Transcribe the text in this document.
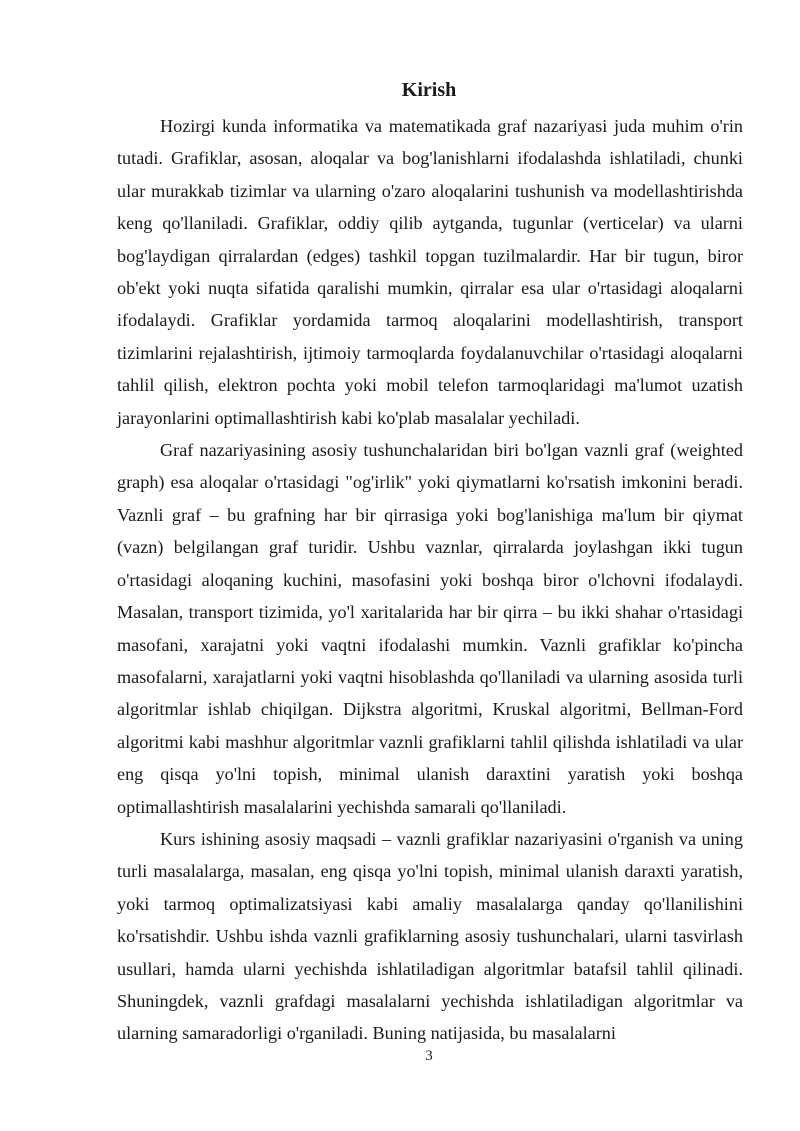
Kirish

Hozirgi kunda informatika va matematikada graf nazariyasi juda muhim o'rin tutadi. Grafiklar, asosan, aloqalar va bog'lanishlarni ifodalashda ishlatiladi, chunki ular murakkab tizimlar va ularning o'zaro aloqalarini tushunish va modellashtirishda keng qo'llaniladi. Grafiklar, oddiy qilib aytganda, tugunlar (verticelar) va ularni bog'laydigan qirralardan (edges) tashkil topgan tuzilmalardir. Har bir tugun, biror ob'ekt yoki nuqta sifatida qaralishi mumkin, qirralar esa ular o'rtasidagi aloqalarni ifodalaydi. Grafiklar yordamida tarmoq aloqalarini modellashtirish, transport tizimlarini rejalashtirish, ijtimoiy tarmoqlarda foydalanuvchilar o'rtasidagi aloqalarni tahlil qilish, elektron pochta yoki mobil telefon tarmoqlaridagi ma'lumot uzatish jarayonlarini optimallashtirish kabi ko'plab masalalar yechiladi.

Graf nazariyasining asosiy tushunchalaridan biri bo'lgan vaznli graf (weighted graph) esa aloqalar o'rtasidagi "og'irlik" yoki qiymatlarni ko'rsatish imkonini beradi. Vaznli graf – bu grafning har bir qirrasiga yoki bog'lanishiga ma'lum bir qiymat (vazn) belgilangan graf turidir. Ushbu vaznlar, qirralarda joylashgan ikki tugun o'rtasidagi aloqaning kuchini, masofasini yoki boshqa biror o'lchovni ifodalaydi. Masalan, transport tizimida, yo'l xaritalarida har bir qirra – bu ikki shahar o'rtasidagi masofani, xarajatni yoki vaqtni ifodalashi mumkin. Vaznli grafiklar ko'pincha masofalarni, xarajatlarni yoki vaqtni hisoblashda qo'llaniladi va ularning asosida turli algoritmlar ishlab chiqilgan. Dijkstra algoritmi, Kruskal algoritmi, Bellman-Ford algoritmi kabi mashhur algoritmlar vaznli grafiklarni tahlil qilishda ishlatiladi va ular eng qisqa yo'lni topish, minimal ulanish daraxtini yaratish yoki boshqa optimallashtirish masalalarini yechishda samarali qo'llaniladi.

Kurs ishining asosiy maqsadi – vaznli grafiklar nazariyasini o'rganish va uning turli masalalarga, masalan, eng qisqa yo'lni topish, minimal ulanish daraxti yaratish, yoki tarmoq optimalizatsiyasi kabi amaliy masalalarga qanday qo'llanilishini ko'rsatishdir. Ushbu ishda vaznli grafiklarning asosiy tushunchalari, ularni tasvirlash usullari, hamda ularni yechishda ishlatiladigan algoritmlar batafsil tahlil qilinadi. Shuningdek, vaznli grafdagi masalalarni yechishda ishlatiladigan algoritmlar va ularning samaradorligi o'rganiladi. Buning natijasida, bu masalalarni

3
